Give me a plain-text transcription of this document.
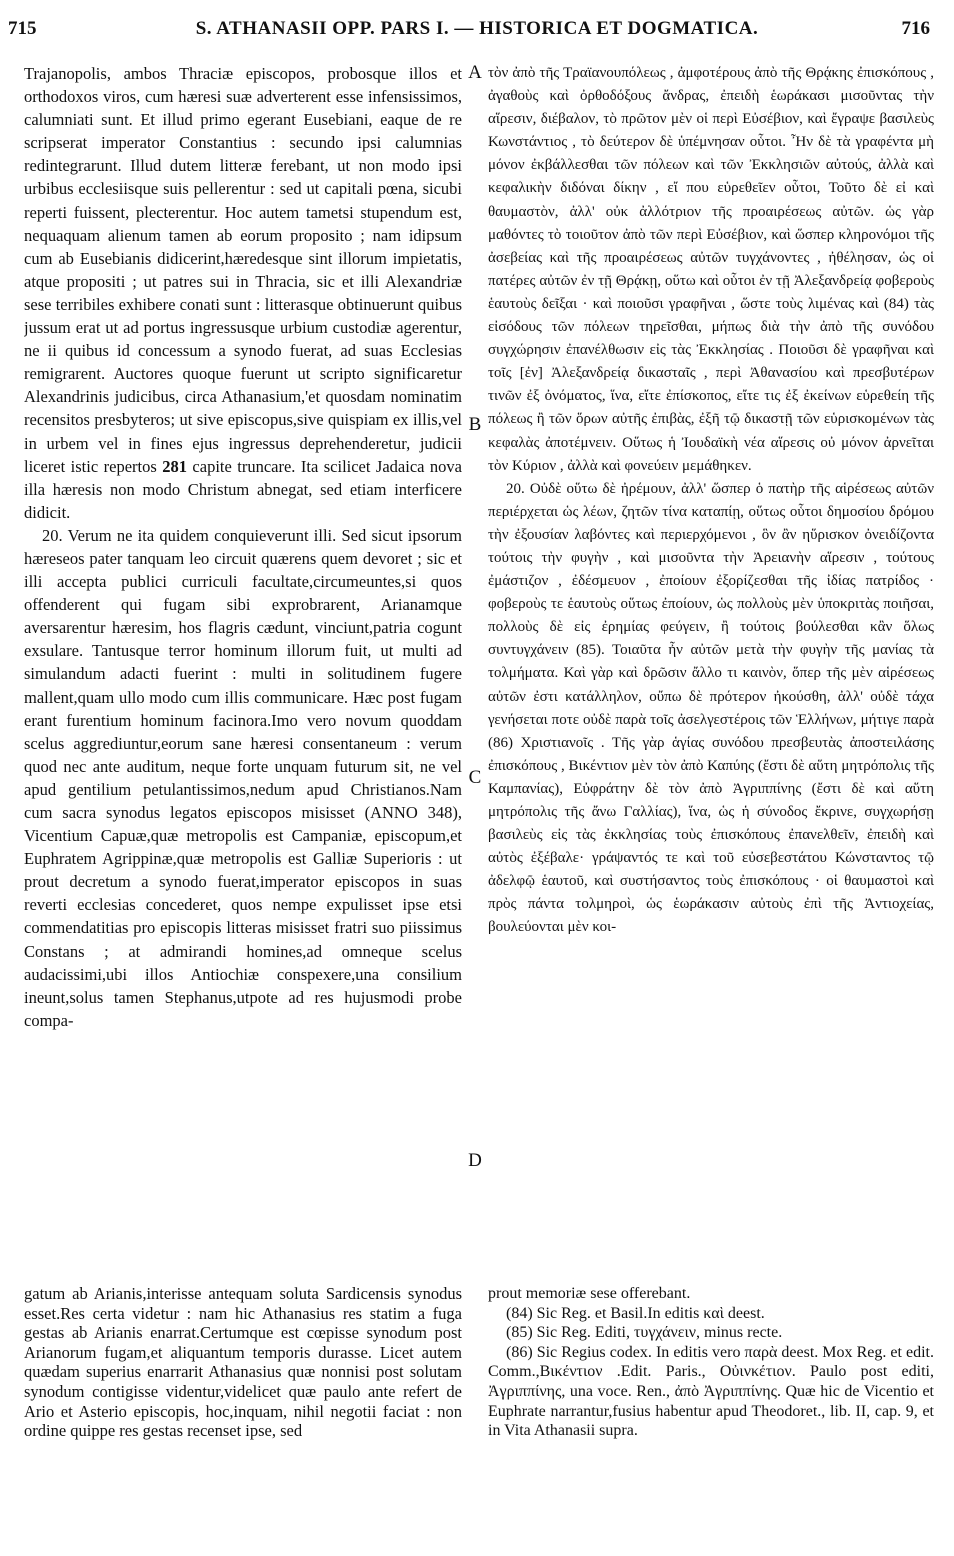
715	S. ATHANASII OPP. PARS I. — HISTORICA ET DOGMATICA.	716

Trajanopolis, ambos Thraciæ episcopos, probosque illos et orthodoxos viros, cum hæresi suæ adverterent esse infensissimos, calumniati sunt. Et illud primo egerant Eusebiani, eaque de re scripserat imperator Constantius : secundo ipsi calumnias redintegrarunt. Illud dutem litteræ ferebant, ut non modo ipsi urbibus ecclesiisque suis pellerentur : sed ut capitali pœna, sicubi reperti fuissent, plecterentur. Hoc autem tametsi stupendum est, nequaquam alienum tamen ab eorum proposito ; nam idipsum cum ab Eusebianis didicerint,hæredesque sint illorum impietatis, atque propositi ; ut patres sui in Thracia, sic et illi Alexandriæ sese terribiles exhibere conati sunt : litterasque obtinuerunt quibus jussum erat ut ad portus ingressusque urbium custodiæ agerentur, ne ii quibus id concessum a synodo fuerat, ad suas Ecclesias remigrarent. Auctores quoque fuerunt ut scripto significaretur Alexandrinis judicibus, circa Athanasium,'et quosdam nominatim recensitos presbyteros; ut sive episcopus,sive quispiam ex illis,vel in urbem vel in fines ejus ingressus deprehenderetur, judicii liceret istic repertos 281 capite truncare. Ita scilicet Jadaica nova illa hæresis non modo Christum abnegat, sed etiam interficere didicit.

20. Verum ne ita quidem conquieverunt illi. Sed sicut ipsorum hæreseos pater tanquam leo circuit quærens quem devoret ; sic et illi accepta publici curriculi facultate,circumeuntes,si quos offenderent qui fugam sibi exprobrarent, Arianamque aversarentur hæresim, hos flagris cædunt, vinciunt,patria cogunt exsulare. Tantusque terror hominum illorum fuit, ut multi ad simulandum adacti fuerint : multi in solitudinem fugere mallent,quam ullo modo cum illis communicare. Hæc post fugam erant furentium hominum facinora.Imo vero novum quoddam scelus aggrediuntur,eorum sane hæresi consentaneum : verum quod nec ante auditum, neque forte unquam futurum sit, ne vel apud gentilium petulantissimos,nedum apud Christianos.Nam cum sacra synodus legatos episcopos misisset (ANNO 348), Vicentium Capuæ,quæ metropolis est Campaniæ, episcopum,et Euphratem Agrippinæ,quæ metropolis est Galliæ Superioris : ut prout decretum a synodo fuerat,imperator episcopos in suas reverti ecclesias concederet, quos nempe expulisset ipse etsi commendatitias pro episcopis litteras misisset fratri suo piissimus Constans ; at admirandi homines,ad omneque scelus audacissimi,ubi illos Antiochiæ conspexere,una consilium ineunt,solus tamen Stephanus,utpote ad res hujusmodi probe compa-

A
B
C
D

τὸν ἀπὸ τῆς Τραϊανουπόλεως , ἀμφοτέρους ἀπὸ τῆς Θρᾴκης ἐπισκόπους , ἀγαθοὺς καὶ ὀρθοδόξους ἄνδρας, ἐπειδὴ ἑωράκασι μισοῦντας τὴν αἵρεσιν, διέβαλον, τὸ πρῶτον μὲν οἱ περὶ Εὐσέβιον, καὶ ἔγραψε βασιλεὺς Κωνστάντιος , τὸ δεύτερον δὲ ὑπέμνησαν οὗτοι. Ἦν δὲ τὰ γραφέντα μὴ μόνον ἐκβάλλεσθαι τῶν πόλεων καὶ τῶν Ἐκκλησιῶν αὐτούς, ἀλλὰ καὶ κεφαλικὴν διδόναι δίκην , εἴ που εὑρεθεῖεν οὗτοι, Τοῦτο δὲ εἰ καὶ θαυμαστὸν, ἀλλ' οὐκ ἀλλότριον τῆς προαιρέσεως αὐτῶν. ὡς γὰρ μαθόντες τὸ τοιοῦτον ἀπὸ τῶν περὶ Εὐσέβιον, καὶ ὥσπερ κληρονόμοι τῆς ἀσεβείας καὶ τῆς προαιρέσεως αὐτῶν τυγχάνοντες , ἠθέλησαν, ὡς οἱ πατέρες αὐτῶν ἐν τῇ Θρᾴκῃ, οὕτω καὶ οὗτοι ἐν τῇ Ἀλεξανδρείᾳ φοβεροὺς ἑαυτοὺς δεῖξαι · καὶ ποιοῦσι γραφῆναι , ὥστε τοὺς λιμένας καὶ (84) τὰς εἰσόδους τῶν πόλεων τηρεῖσθαι, μήπως διὰ τὴν ἀπὸ τῆς συνόδου συγχώρησιν ἐπανέλθωσιν εἰς τὰς Ἐκκλησίας . Ποιοῦσι δὲ γραφῆναι καὶ τοῖς [ἐν] Ἀλεξανδρείᾳ δικασταῖς , περὶ Ἀθανασίου καὶ πρεσβυτέρων τινῶν ἐξ ὀνόματος, ἵνα, εἴτε ἐπίσκοπος, εἴτε τις ἐξ ἐκείνων εὑρεθείη τῆς πόλεως ἢ τῶν ὅρων αὐτῆς ἐπιβὰς, ἐξῆ τῷ δικαστῇ τῶν εὑρισκομένων τὰς κεφαλὰς ἀποτέμνειν. Οὕτως ἡ Ἰουδαϊκὴ νέα αἵρεσις οὐ μόνον ἀρνεῖται τὸν Κύριον , ἀλλὰ καὶ φονεύειν μεμάθηκεν.

20. Οὐδὲ οὕτω δὲ ἠρέμουν, ἀλλ' ὥσπερ ὁ πατὴρ τῆς αἱρέσεως αὐτῶν περιέρχεται ὡς λέων, ζητῶν τίνα καταπίῃ, οὕτως οὗτοι δημοσίου δρόμου τὴν ἐξουσίαν λαβόντες καὶ περιερχόμενοι , ὃν ἂν ηὕρισκον ὀνειδίζοντα τούτοις τὴν φυγὴν , καὶ μισοῦντα τὴν Ἀρειανὴν αἵρεσιν , τούτους ἐμάστιζον , ἐδέσμευον , ἐποίουν ἐξορίζεσθαι τῆς ἰδίας πατρίδος · φοβεροὺς τε ἑαυτοὺς οὕτως ἐποίουν, ὡς πολλοὺς μὲν ὑποκριτὰς ποιῆσαι, πολλοὺς δὲ εἰς ἐρημίας φεύγειν, ἢ τούτοις βούλεσθαι κἂν ὅλως συντυγχάνειν (85). Τοιαῦτα ἦν αὐτῶν μετὰ τὴν φυγὴν τῆς μανίας τὰ τολμήματα. Καὶ γὰρ καὶ δρῶσιν ἄλλο τι καινὸν, ὅπερ τῆς μὲν αἱρέσεως αὐτῶν ἐστι κατάλληλον, οὔπω δὲ πρότερον ἠκούσθη, ἀλλ' οὐδὲ τάχα γενήσεται ποτε οὐδὲ παρὰ τοῖς ἀσελγεστέροις τῶν Ἑλλήνων, μήτιγε παρὰ (86) Χριστιανοῖς . Τῆς γὰρ ἁγίας συνόδου πρεσβευτὰς ἀποστειλάσης ἐπισκόπους , Βικέντιον μὲν τὸν ἀπὸ Καπύης (ἔστι δὲ αὕτη μητρόπολις τῆς Καμπανίας), Εὐφράτην δὲ τὸν ἀπὸ Ἀγριππίνης (ἔστι δὲ καὶ αὕτη μητρόπολις τῆς ἄνω Γαλλίας), ἵνα, ὡς ἡ σύνοδος ἔκρινε, συγχωρήσῃ βασιλεὺς εἰς τὰς ἐκκλησίας τοὺς ἐπισκόπους ἐπανελθεῖν, ἐπειδὴ καὶ αὐτὸς ἐξέβαλε· γράψαντός τε καὶ τοῦ εὐσεβεστάτου Κώνσταντος τῷ ἀδελφῷ ἑαυτοῦ, καὶ συστήσαντος τοὺς ἐπισκόπους · οἱ θαυμαστοὶ καὶ πρὸς πάντα τολμηροὶ, ὡς ἑωράκασιν αὐτοὺς ἐπὶ τῆς Ἀντιοχείας, βουλεύονται μὲν κοι-

gatum ab Arianis,interisse antequam soluta Sardicensis synodus esset.Res certa videtur : nam hic Athanasius res statim a fuga gestas ab Arianis enarrat.Certumque est cœpisse synodum post Arianorum fugam,et aliquantum temporis durasse. Licet autem quædam superius enarrarit Athanasius quæ nonnisi post solutam synodum contigisse videntur,videlicet quæ paulo ante refert de Ario et Asterio episcopis, hoc,inquam, nihil negotii faciat : non ordine quippe res gestas recenset ipse, sed

prout memoriæ sese offerebant.

(84) Sic Reg. et Basil.In editis καὶ deest.

(85) Sic Reg. Editi, τυγχάνειν, minus recte.

(86) Sic Regius codex. In editis vero παρὰ deest. Mox Reg. et edit. Comm.,Βικέντιον .Edit. Paris., Οὐινκέτιον. Paulo post editi, Ἀγριππίνης, una voce. Ren., ἀπὸ Ἀγριππίνης. Quæ hic de Vicentio et Euphrate narrantur,fusius habentur apud Theodoret., lib. II, cap. 9, et in Vita Athanasii supra.
